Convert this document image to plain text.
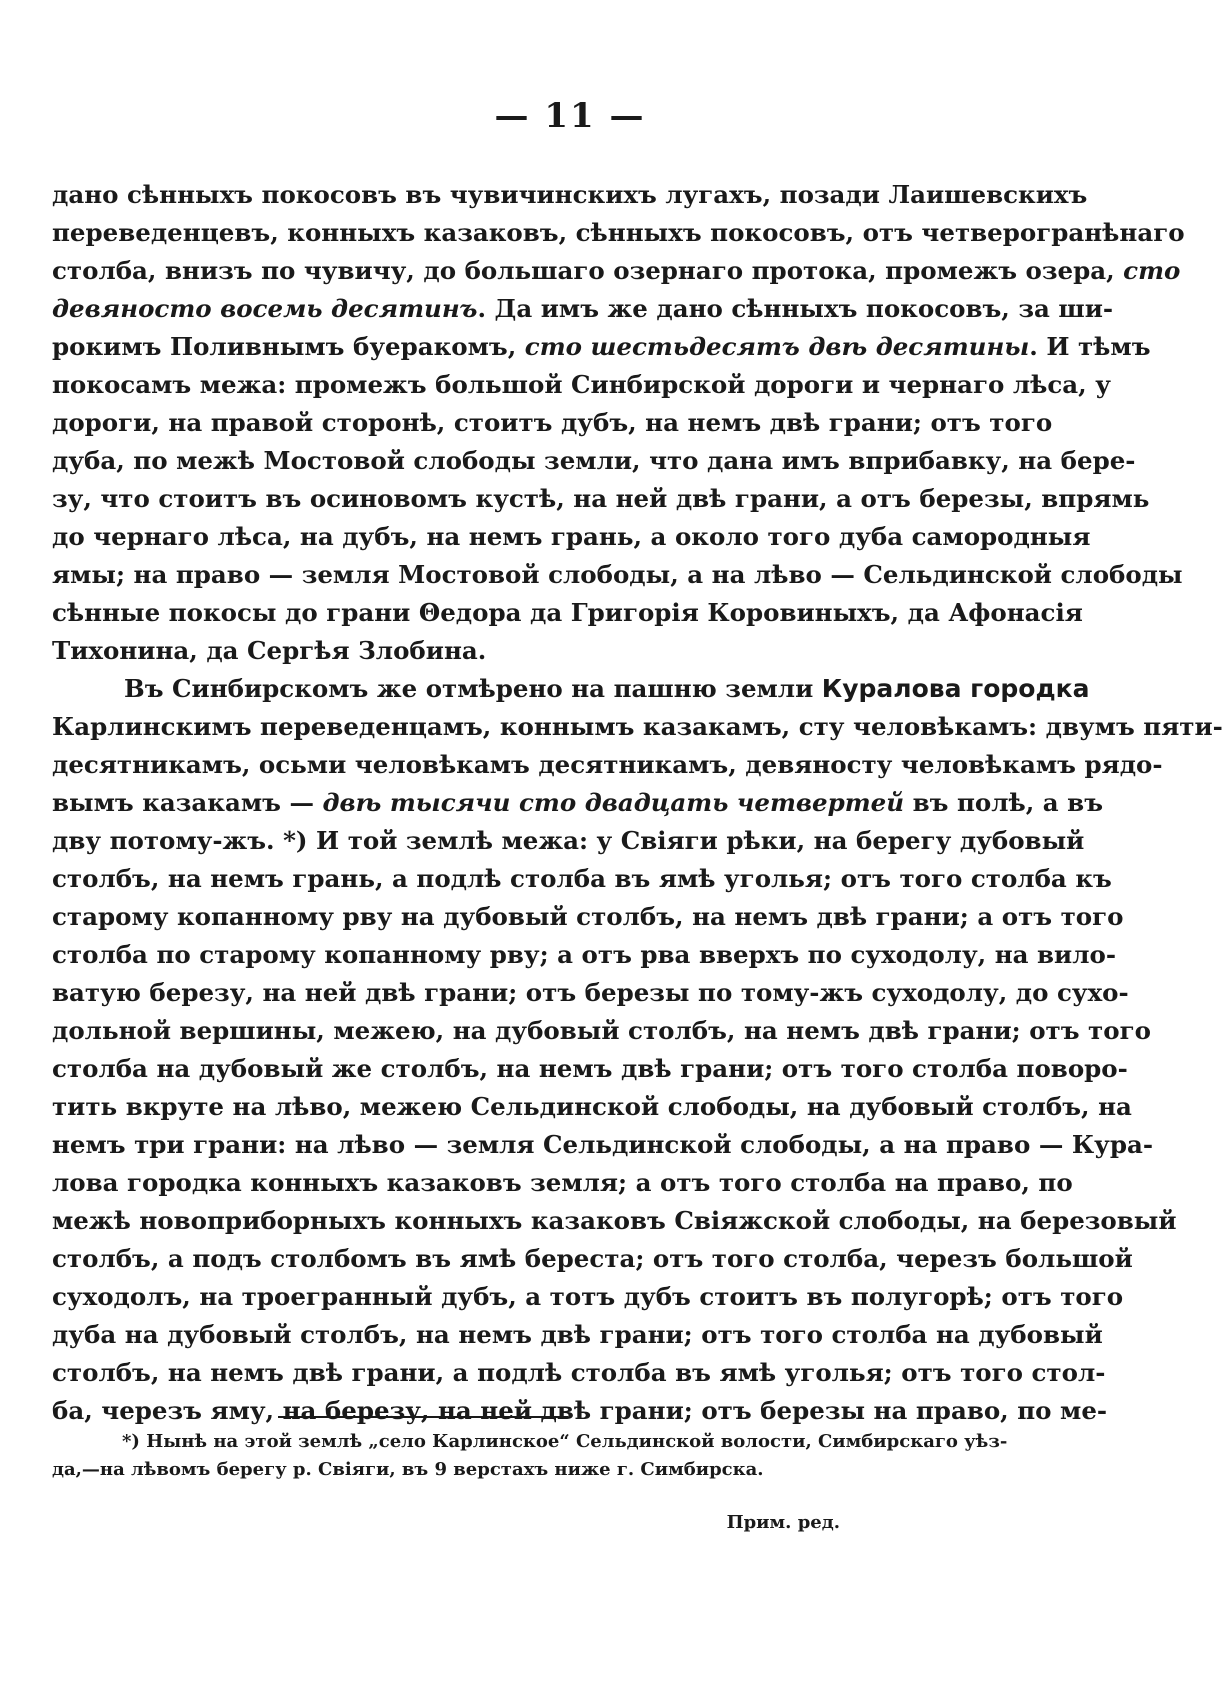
— 11 —
дано сѣнныхъ покосовъ въ чувичинскихъ лугахъ, позади Лаишевскихъ
переведенцевъ, конныхъ казаковъ, сѣнныхъ покосовъ, отъ четверогранѣнаго
столба, внизъ по чувичу, до большаго озернаго протока, промежъ озера, сто
девяносто восемь десятинъ. Да имъ же дано сѣнныхъ покосовъ, за ши-
рокимъ Поливнымъ буеракомъ, сто шестьдесятъ двѣ десятины. И тѣмъ
покосамъ межа: промежъ большой Синбирской дороги и чернаго лѣса, у
дороги, на правой сторонѣ, стоитъ дубъ, на немъ двѣ грани; отъ того
дуба, по межѣ Мостовой слободы земли, что дана имъ вприбавку, на бере-
зу, что стоитъ въ осиновомъ кустѣ, на ней двѣ грани, а отъ березы, впрямь
до чернаго лѣса, на дубъ, на немъ грань, а около того дуба самородныя
ямы; на право — земля Мостовой слободы, а на лѣво — Сельдинской слободы
сѣнные покосы до грани Θедора да Григорія Коровиныхъ, да Афонасія
Тихонина, да Сергѣя Злобина.
Въ Синбирскомъ же отмѣрено на пашню земли Куралова городка
Карлинскимъ переведенцамъ, коннымъ казакамъ, сту человѣкамъ: двумъ пяти-
десятникамъ, осьми человѣкамъ десятникамъ, девяносту человѣкамъ рядо-
вымъ казакамъ — двѣ тысячи сто двадцать четвертей въ полѣ, а въ
дву потому-жъ. *) И той землѣ межа: у Свіяги рѣки, на берегу дубовый
столбъ, на немъ грань, а подлѣ столба въ ямѣ уголья; отъ того столба къ
старому копанному рву на дубовый столбъ, на немъ двѣ грани; а отъ того
столба по старому копанному рву; а отъ рва вверхъ по суходолу, на вило-
ватую березу, на ней двѣ грани; отъ березы по тому-жъ суходолу, до сухо-
дольной вершины, межею, на дубовый столбъ, на немъ двѣ грани; отъ того
столба на дубовый же столбъ, на немъ двѣ грани; отъ того столба поворо-
тить вкруте на лѣво, межею Сельдинской слободы, на дубовый столбъ, на
немъ три грани: на лѣво — земля Сельдинской слободы, а на право — Кура-
лова городка конныхъ казаковъ земля; а отъ того столба на право, по
межѣ новоприборныхъ конныхъ казаковъ Свіяжской слободы, на березовый
столбъ, а подъ столбомъ въ ямѣ береста; отъ того столба, черезъ большой
суходолъ, на троегранный дубъ, а тотъ дубъ стоитъ въ полугорѣ; отъ того
дуба на дубовый столбъ, на немъ двѣ грани; отъ того столба на дубовый
столбъ, на немъ двѣ грани, а подлѣ столба въ ямѣ уголья; отъ того стол-
ба, черезъ яму, на березу, на ней двѣ грани; отъ березы на право, по ме-
*) Нынѣ на этой землѣ „село Карлинское“ Сельдинской волости, Симбирскаго уѣз-
да,—на лѣвомъ берегу р. Свіяги, въ 9 верстахъ ниже г. Симбирска.
Прим. ред.
